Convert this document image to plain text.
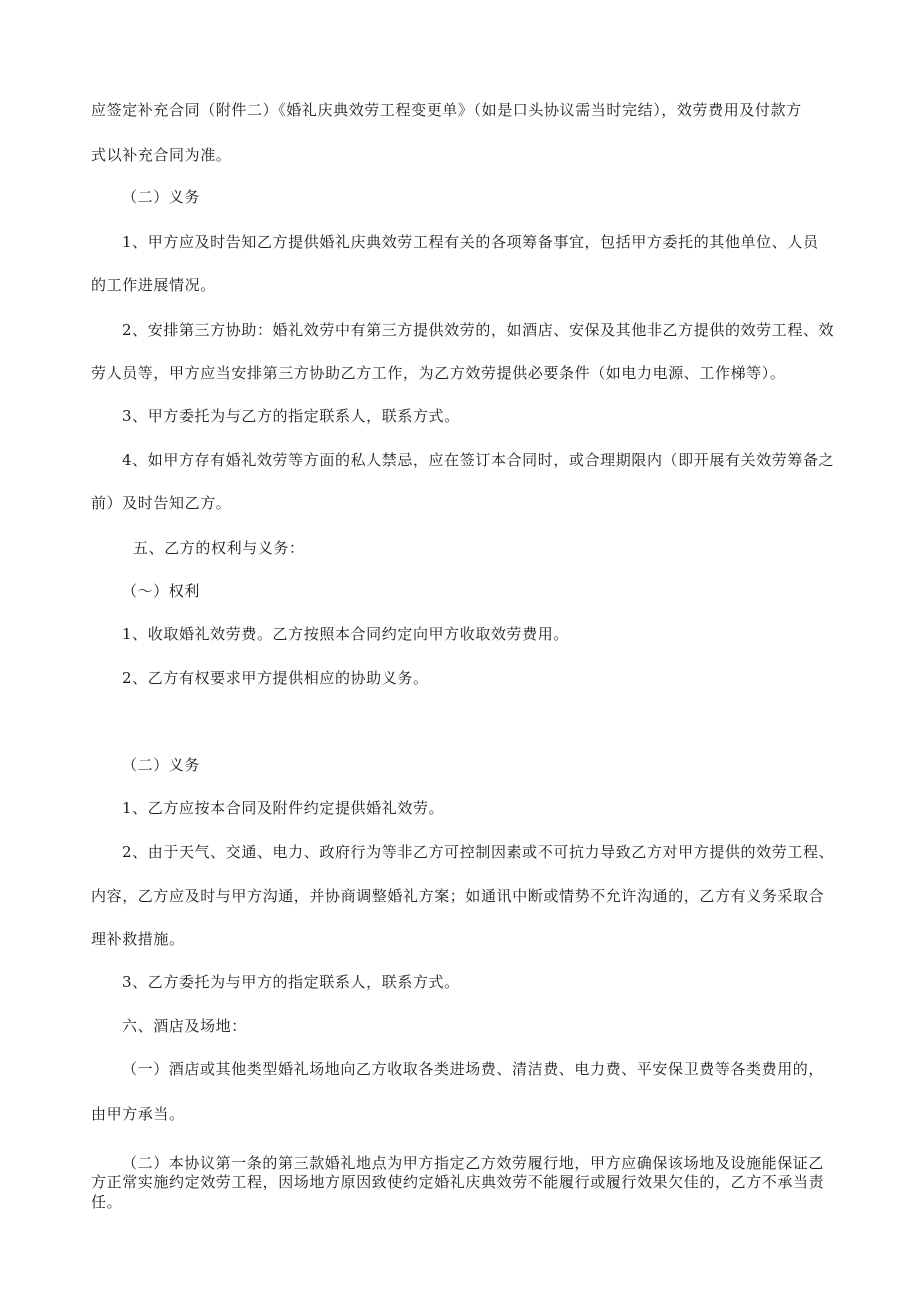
应签定补充合同（附件二）《婚礼庆典效劳工程变更单》（如是口头协议需当时完结），效劳费用及付款方
式以补充合同为准。
（二）义务
1、甲方应及时告知乙方提供婚礼庆典效劳工程有关的各项筹备事宜，包括甲方委托的其他单位、人员
的工作进展情况。
2、安排第三方协助：婚礼效劳中有第三方提供效劳的，如酒店、安保及其他非乙方提供的效劳工程、效
劳人员等，甲方应当安排第三方协助乙方工作，为乙方效劳提供必要条件（如电力电源、工作梯等）。
3、甲方委托为与乙方的指定联系人，联系方式。
4、如甲方存有婚礼效劳等方面的私人禁忌，应在签订本合同时，或合理期限内（即开展有关效劳筹备之
前）及时告知乙方。
五、乙方的权利与义务：
（〜）权利
1、收取婚礼效劳费。乙方按照本合同约定向甲方收取效劳费用。
2、乙方有权要求甲方提供相应的协助义务。
（二）义务
1、乙方应按本合同及附件约定提供婚礼效劳。
2、由于天气、交通、电力、政府行为等非乙方可控制因素或不可抗力导致乙方对甲方提供的效劳工程、
内容，乙方应及时与甲方沟通，并协商调整婚礼方案；如通讯中断或情势不允许沟通的，乙方有义务采取合
理补救措施。
3、乙方委托为与甲方的指定联系人，联系方式。
六、酒店及场地：
（一）酒店或其他类型婚礼场地向乙方收取各类进场费、清洁费、电力费、平安保卫费等各类费用的，
由甲方承当。
（二）本协议第一条的第三款婚礼地点为甲方指定乙方效劳履行地，甲方应确保该场地及设施能保证乙
方正常实施约定效劳工程，因场地方原因致使约定婚礼庆典效劳不能履行或履行效果欠佳的，乙方不承当责
任。
